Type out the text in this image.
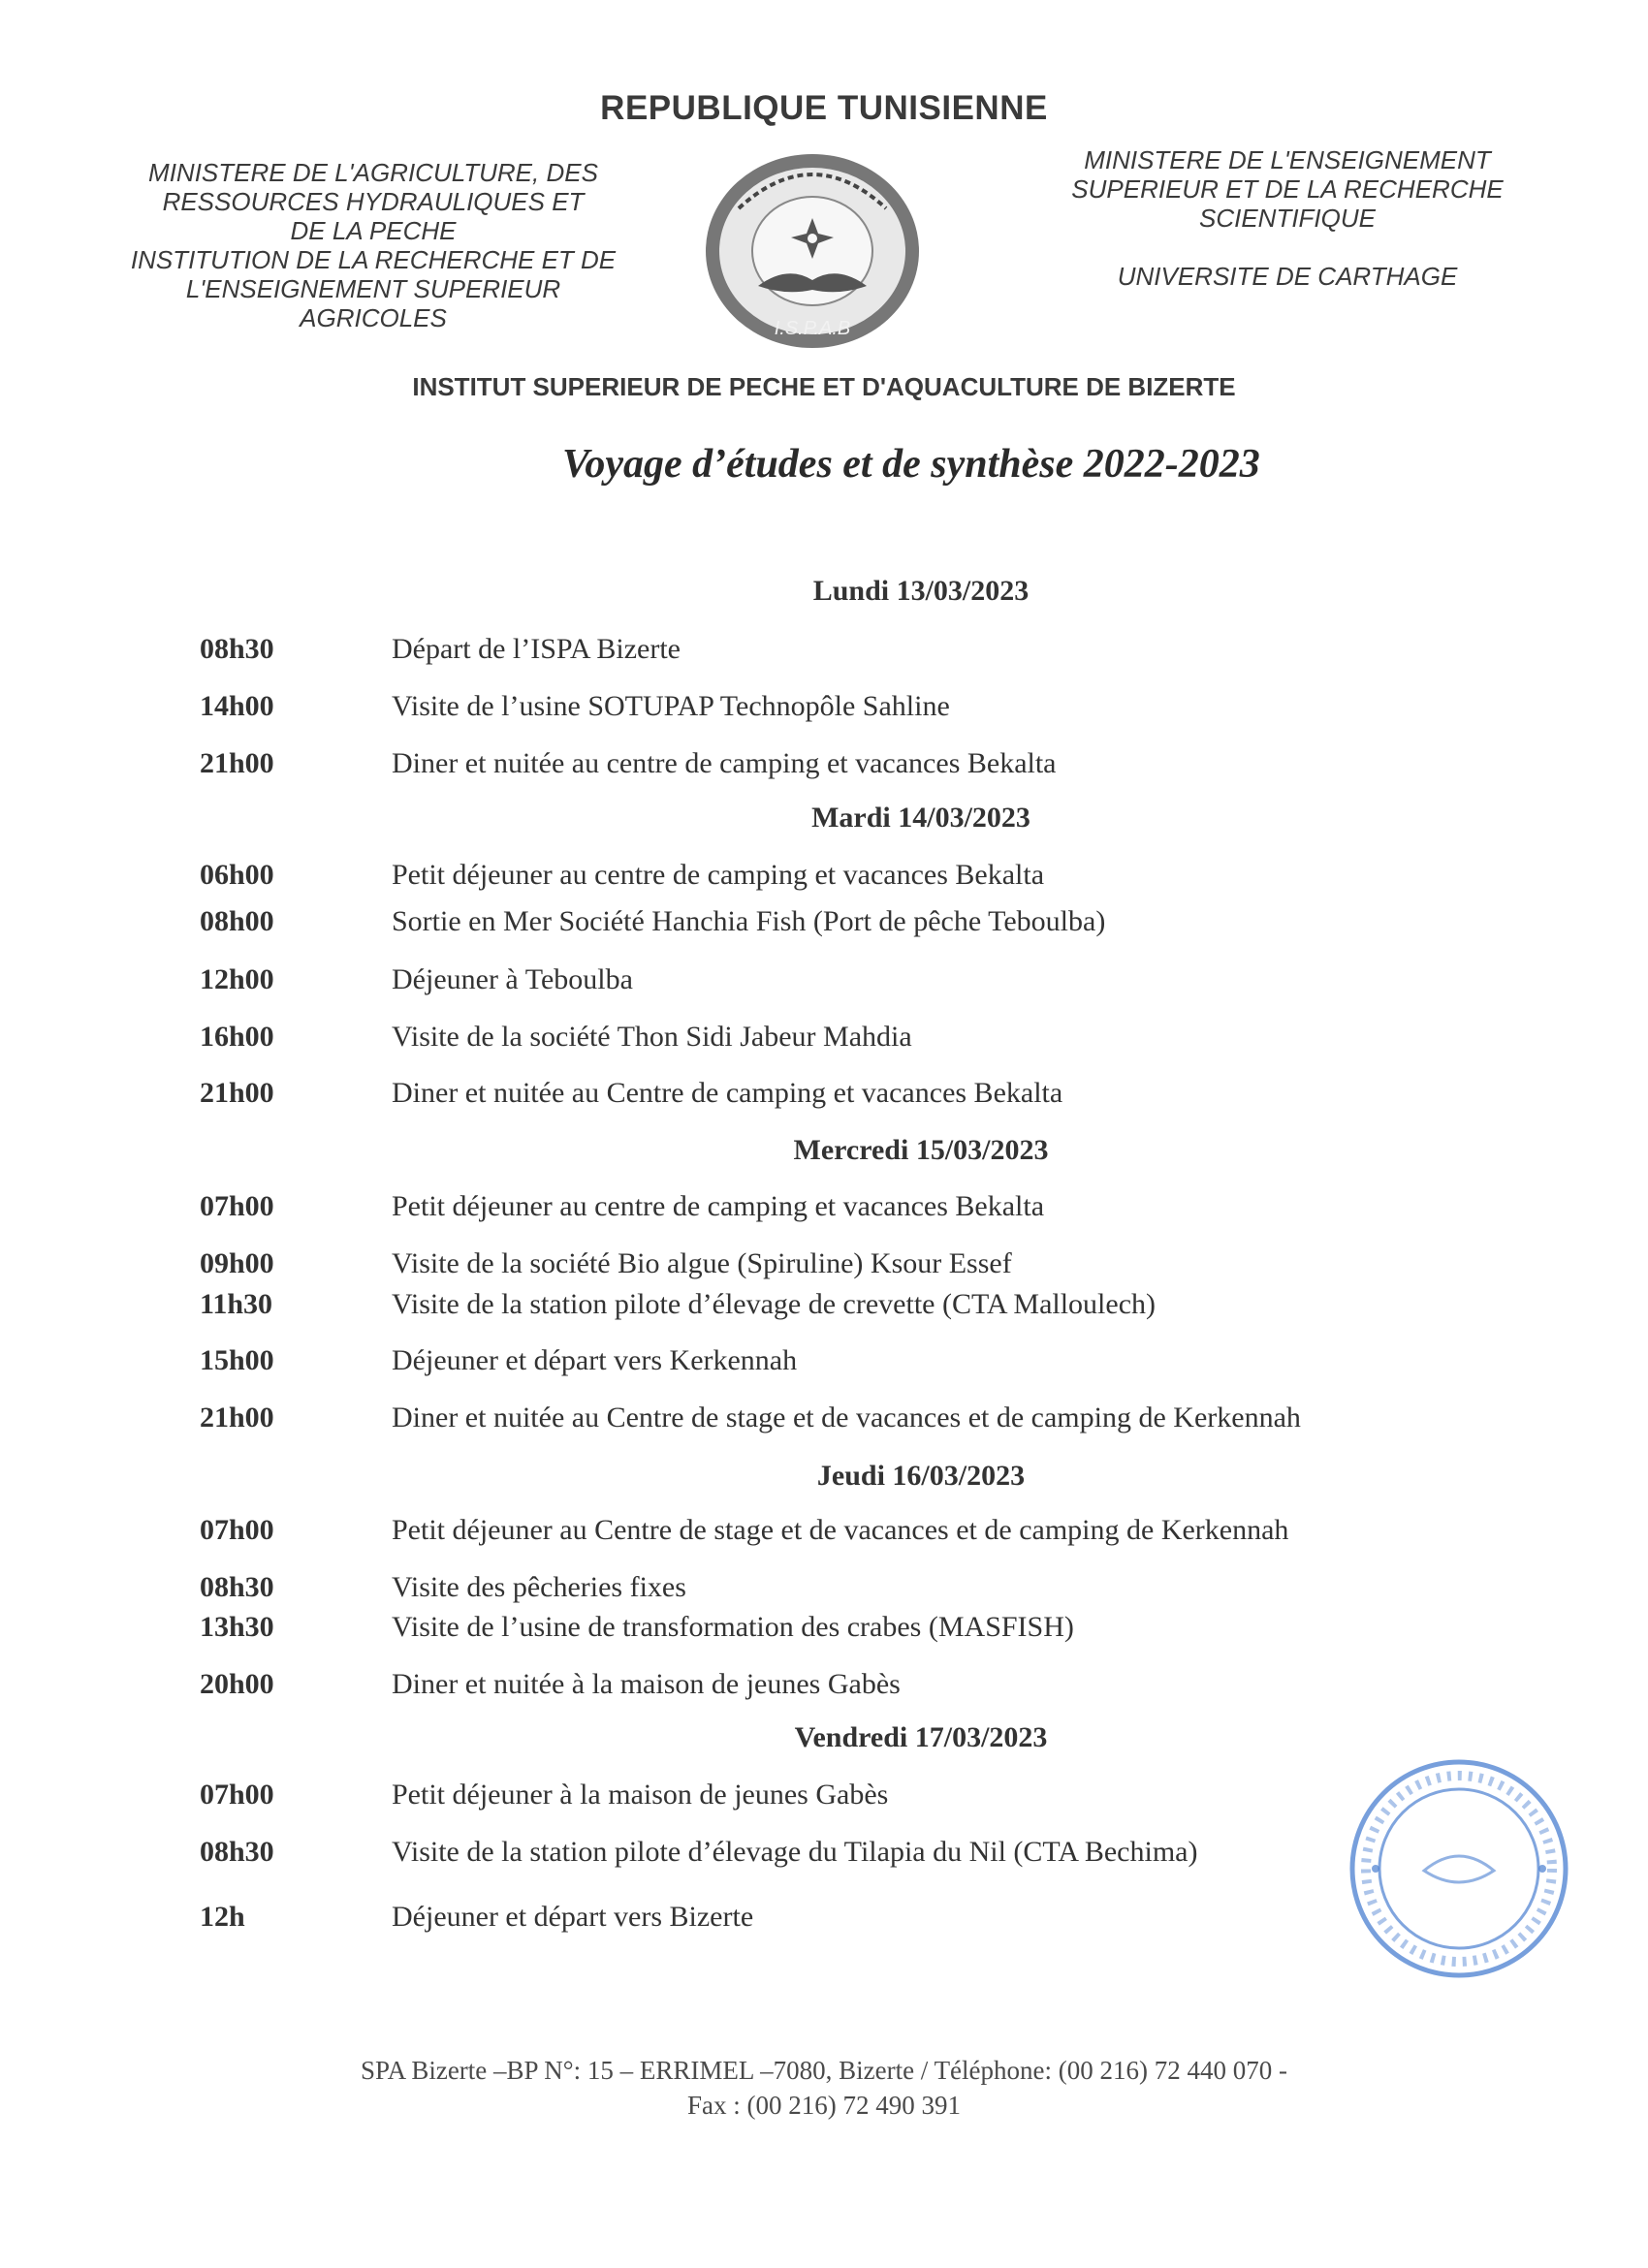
REPUBLIQUE TUNISIENNE
MINISTERE DE L'AGRICULTURE, DES
RESSOURCES HYDRAULIQUES ET
DE LA PECHE
INSTITUTION DE LA RECHERCHE ET DE
L'ENSEIGNEMENT SUPERIEUR
AGRICOLES	I.S.P.A.B
MINISTERE DE L'ENSEIGNEMENT
SUPERIEUR ET DE LA RECHERCHE
SCIENTIFIQUE
UNIVERSITE DE CARTHAGE
INSTITUT SUPERIEUR DE PECHE ET D'AQUACULTURE DE BIZERTE
Voyage d’études et de synthèse 2022-2023
Lundi 13/03/2023
08h30	Départ de l’ISPA Bizerte
14h00	Visite de l’usine SOTUPAP Technopôle Sahline
21h00	Diner et nuitée au centre de camping et vacances Bekalta
Mardi 14/03/2023
06h00	Petit déjeuner au centre de camping et vacances Bekalta
08h00	Sortie en Mer Société Hanchia Fish (Port de pêche Teboulba)
12h00	Déjeuner à Teboulba
16h00	Visite de la société Thon Sidi Jabeur Mahdia
21h00	Diner et nuitée au Centre de camping et vacances Bekalta
Mercredi 15/03/2023
07h00	Petit déjeuner au centre de camping et vacances Bekalta
09h00	Visite de la société Bio algue (Spiruline) Ksour Essef
11h30	Visite de la station pilote d’élevage de crevette (CTA Malloulech)
15h00	Déjeuner et départ vers Kerkennah
21h00	Diner et nuitée au Centre de stage et de vacances et de camping de Kerkennah
Jeudi 16/03/2023
07h00	Petit déjeuner au Centre de stage et de vacances et de camping de Kerkennah
08h30	Visite des pêcheries fixes
13h30	Visite de l’usine de transformation des crabes (MASFISH)
20h00	Diner et nuitée à la maison de jeunes Gabès
Vendredi 17/03/2023
07h00	Petit déjeuner à la maison de jeunes Gabès
08h30	Visite de la station pilote d’élevage du Tilapia du Nil (CTA Bechima)
12h	Déjeuner et départ vers Bizerte
SPA Bizerte –BP N°: 15 – ERRIMEL –7080, Bizerte / Téléphone: (00 216) 72 440 070 -
Fax : (00 216) 72 490 391
